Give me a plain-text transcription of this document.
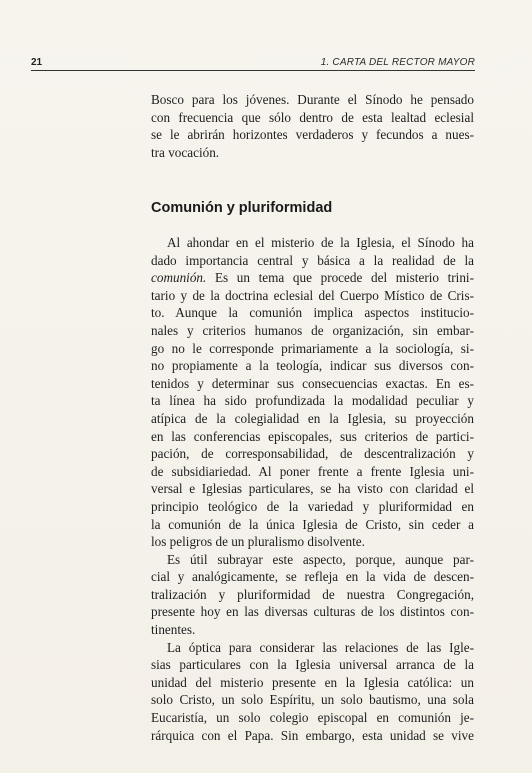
21	1. CARTA DEL RECTOR MAYOR
Bosco para los jóvenes. Durante el Sínodo he pensado
con frecuencia que sólo dentro de esta lealtad eclesial
se le abrirán horizontes verdaderos y fecundos a nues-
tra vocación.
Comunión y pluriformidad
Al ahondar en el misterio de la Iglesia, el Sínodo ha
dado importancia central y básica a la realidad de la
comunión. Es un tema que procede del misterio trini-
tario y de la doctrina eclesial del Cuerpo Místico de Cris-
to. Aunque la comunión implica aspectos institucio-
nales y criterios humanos de organización, sin embar-
go no le corresponde primariamente a la sociología, si-
no propiamente a la teología, indicar sus diversos con-
tenidos y determinar sus consecuencias exactas. En es-
ta línea ha sido profundizada la modalidad peculiar y
atípica de la colegialidad en la Iglesia, su proyección
en las conferencias episcopales, sus criterios de partici-
pación, de corresponsabilidad, de descentralización y
de subsidiariedad. Al poner frente a frente Iglesia uni-
versal e Iglesias particulares, se ha visto con claridad el
principio teológico de la variedad y pluriformidad en
la comunión de la única Iglesia de Cristo, sin ceder a
los peligros de un pluralismo disolvente.
Es útil subrayar este aspecto, porque, aunque par-
cial y analógicamente, se refleja en la vida de descen-
tralización y pluriformidad de nuestra Congregación,
presente hoy en las diversas culturas de los distintos con-
tinentes.
La óptica para considerar las relaciones de las Igle-
sias particulares con la Iglesia universal arranca de la
unidad del misterio presente en la Iglesia católica: un
solo Cristo, un solo Espíritu, un solo bautismo, una sola
Eucaristía, un solo colegio episcopal en comunión je-
rárquica con el Papa. Sin embargo, esta unidad se vive
